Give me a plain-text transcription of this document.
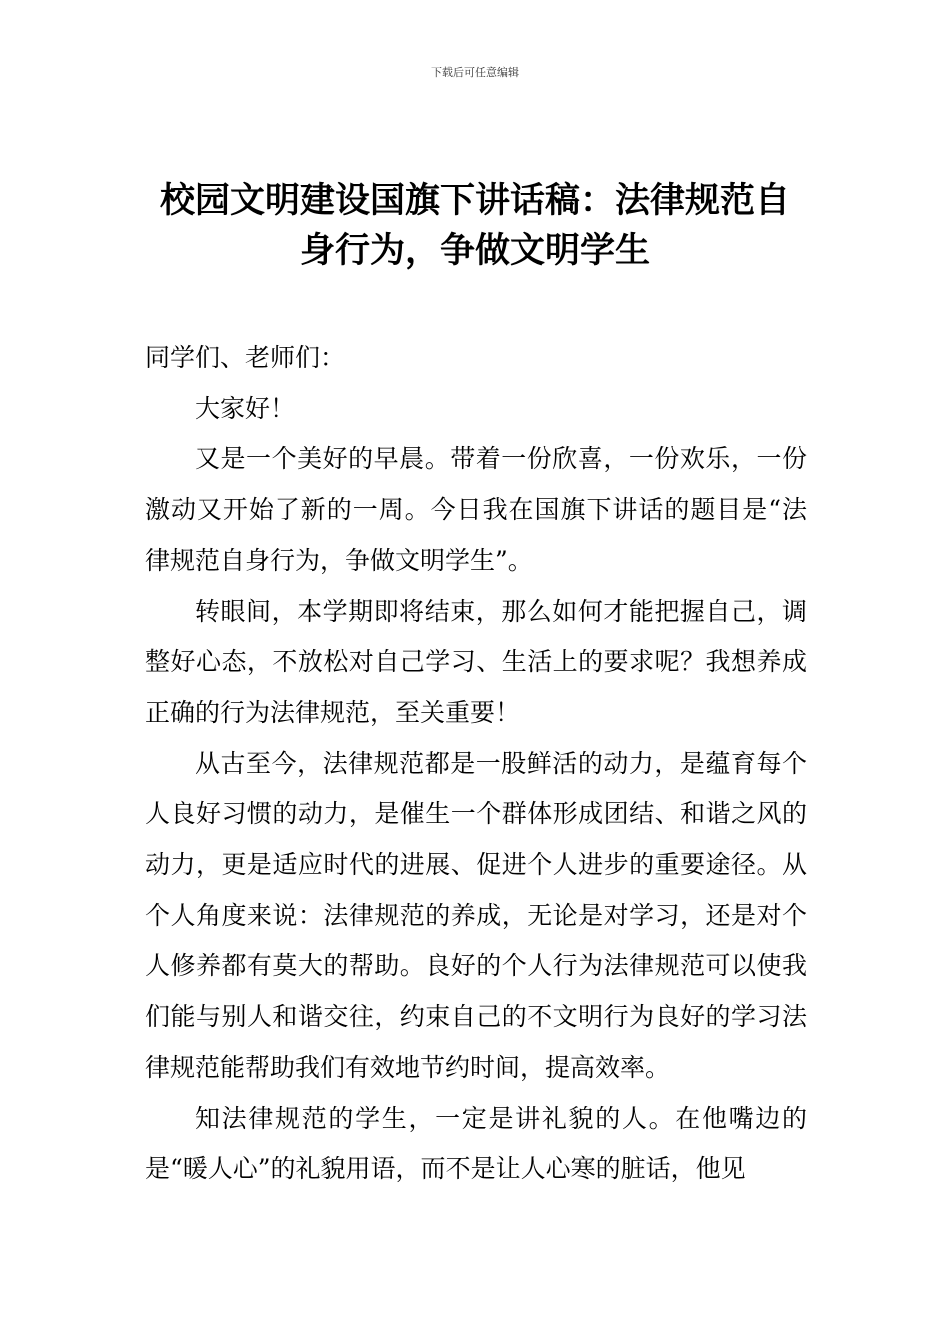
下载后可任意编辑
校园文明建设国旗下讲话稿：法律规范自身行为，争做文明学生

同学们、老师们：

大家好！

又是一个美好的早晨。带着一份欣喜，一份欢乐，一份激动又开始了新的一周。今日我在国旗下讲话的题目是“法律规范自身行为，争做文明学生”。

转眼间，本学期即将结束，那么如何才能把握自己，调整好心态，不放松对自己学习、生活上的要求呢？我想养成正确的行为法律规范，至关重要！

从古至今，法律规范都是一股鲜活的动力，是蕴育每个人良好习惯的动力，是催生一个群体形成团结、和谐之风的动力，更是适应时代的进展、促进个人进步的重要途径。从个人角度来说：法律规范的养成，无论是对学习，还是对个人修养都有莫大的帮助。良好的个人行为法律规范可以使我们能与别人和谐交往，约束自己的不文明行为良好的学习法律规范能帮助我们有效地节约时间，提高效率。

知法律规范的学生，一定是讲礼貌的人。在他嘴边的是“暖人心”的礼貌用语，而不是让人心寒的脏话，他见
